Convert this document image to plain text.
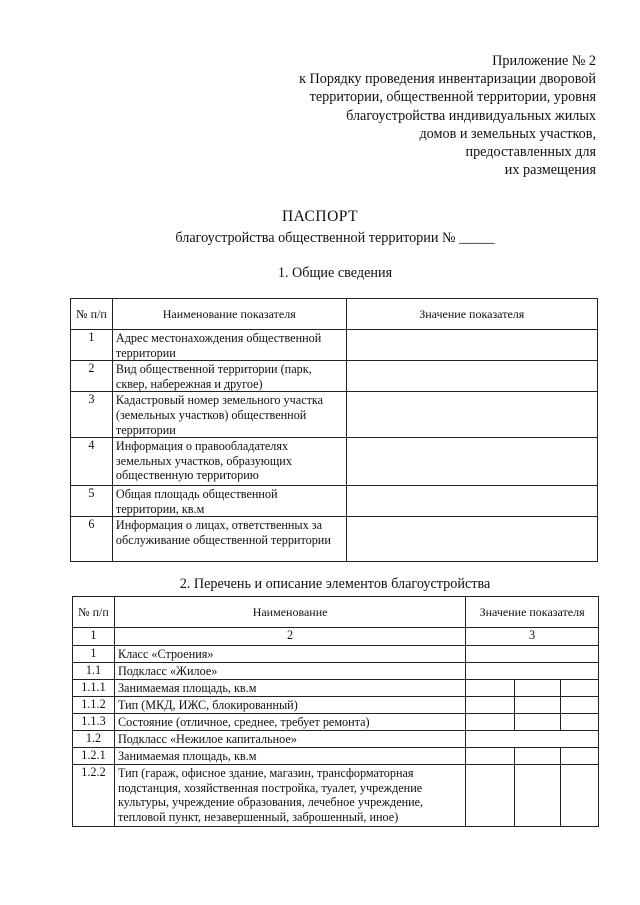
Приложение № 2
к Порядку проведения инвентаризации дворовой
территории, общественной территории, уровня
благоустройства индивидуальных жилых
домов и земельных участков,
предоставленных для
их размещения
ПАСПОРТ
благоустройства общественной территории № _____
1. Общие сведения
№ п/п	Наименование показателя	Значение показателя
1	Адрес местонахождения общественной территории	
2	Вид общественной территории (парк, сквер, набережная и другое)	
3	Кадастровый номер земельного участка (земельных участков) общественной территории	
4	Информация о правообладателях земельных участков, образующих общественную территорию	
5	Общая площадь общественной территории, кв.м	
6	Информация о лицах, ответственных за обслуживание общественной территории	
2. Перечень и описание элементов благоустройства
№ п/п	Наименование	Значение показателя		
1	2	3		
1	Класс «Строения»			
1.1	Подкласс «Жилое»			
1.1.1	Занимаемая площадь, кв.м			
1.1.2	Тип (МКД, ИЖС, блокированный)			
1.1.3	Состояние (отличное, среднее, требует ремонта)			
1.2	Подкласс «Нежилое капитальное»			
1.2.1	Занимаемая площадь, кв.м			
1.2.2	Тип (гараж, офисное здание, магазин, трансформаторная подстанция, хозяйственная постройка, туалет, учреждение культуры, учреждение образования, лечебное учреждение, тепловой пункт, незавершенный, заброшенный, иное)			
